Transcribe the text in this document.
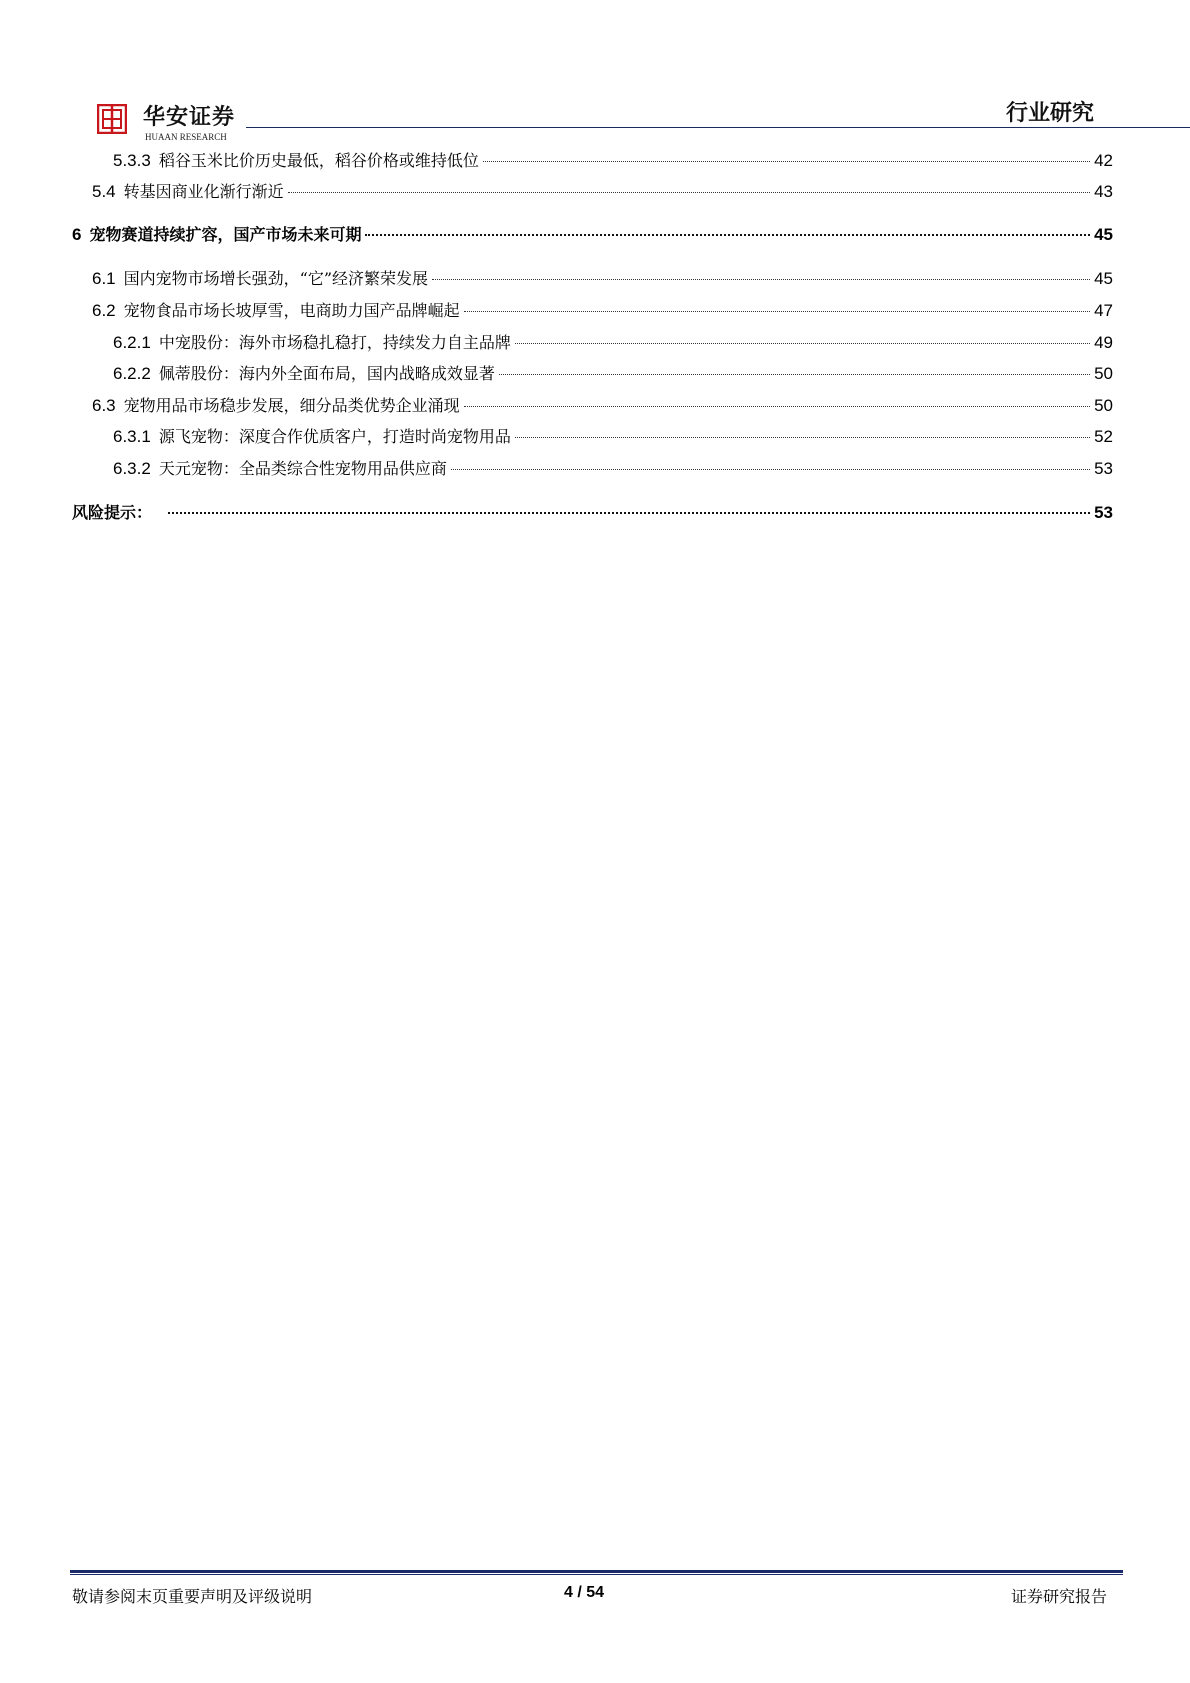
华安证券
HUAAN RESEARCH
行业研究
5.3.3 稻谷玉米比价历史最低，稻谷价格或维持低位	42
5.4 转基因商业化渐行渐近	43
6 宠物赛道持续扩容，国产市场未来可期	45
6.1 国内宠物市场增长强劲，“它”经济繁荣发展	45
6.2 宠物食品市场长坡厚雪，电商助力国产品牌崛起	47
6.2.1 中宠股份：海外市场稳扎稳打，持续发力自主品牌	49
6.2.2 佩蒂股份：海内外全面布局，国内战略成效显著	50
6.3 宠物用品市场稳步发展，细分品类优势企业涌现	50
6.3.1 源飞宠物：深度合作优质客户，打造时尚宠物用品	52
6.3.2 天元宠物：全品类综合性宠物用品供应商	53
风险提示：	53
敬请参阅末页重要声明及评级说明	4 / 54	证券研究报告
